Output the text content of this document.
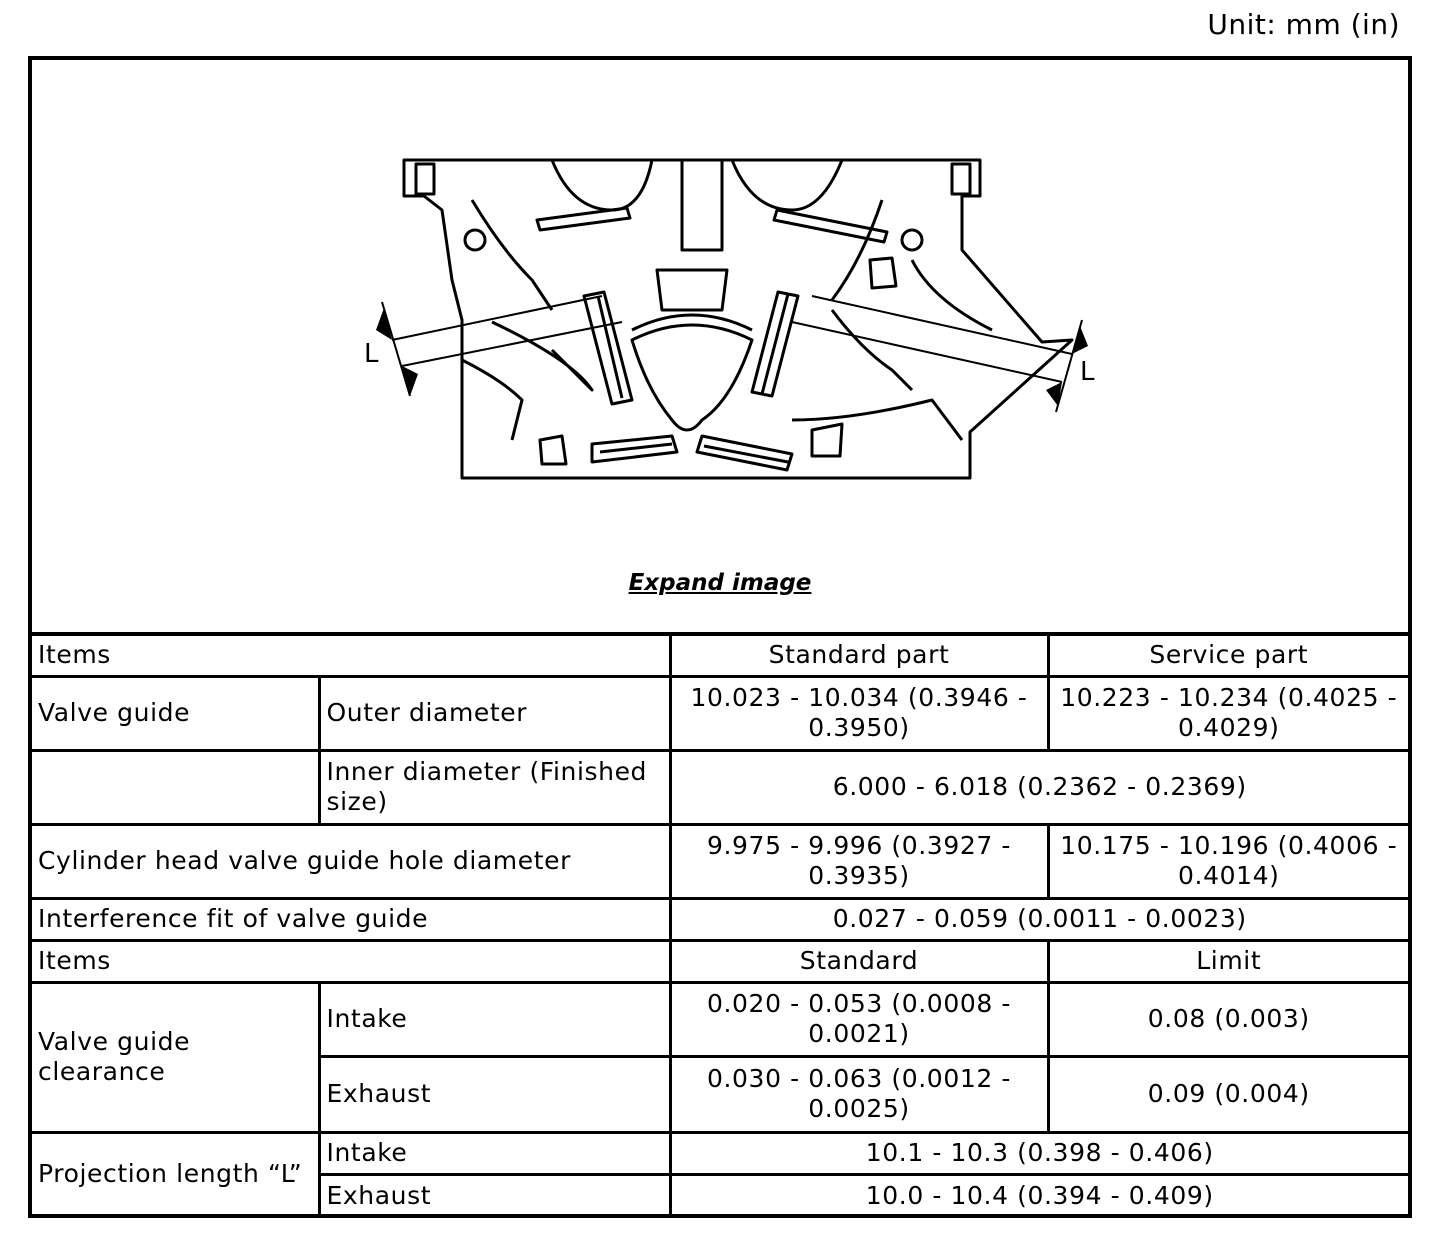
Unit: mm (in)
L
L
Expand image
Items		Standard part	Service part
Valve guide	Outer diameter	10.023 - 10.034 (0.3946 - 0.3950)	10.223 - 10.234 (0.4025 - 0.4029)
	Inner diameter (Finished size)	6.000 - 6.018 (0.2362 - 0.2369)	
Cylinder head valve guide hole diameter		9.975 - 9.996 (0.3927 - 0.3935)	10.175 - 10.196 (0.4006 - 0.4014)
Interference fit of valve guide		0.027 - 0.059 (0.0011 - 0.0023)	
Items		Standard	Limit
Valve guide clearance	Intake	0.020 - 0.053 (0.0008 - 0.0021)	0.08 (0.003)
	Exhaust	0.030 - 0.063 (0.0012 - 0.0025)	0.09 (0.004)
Projection length “L”	Intake	10.1 - 10.3 (0.398 - 0.406)	
	Exhaust	10.0 - 10.4 (0.394 - 0.409)	
